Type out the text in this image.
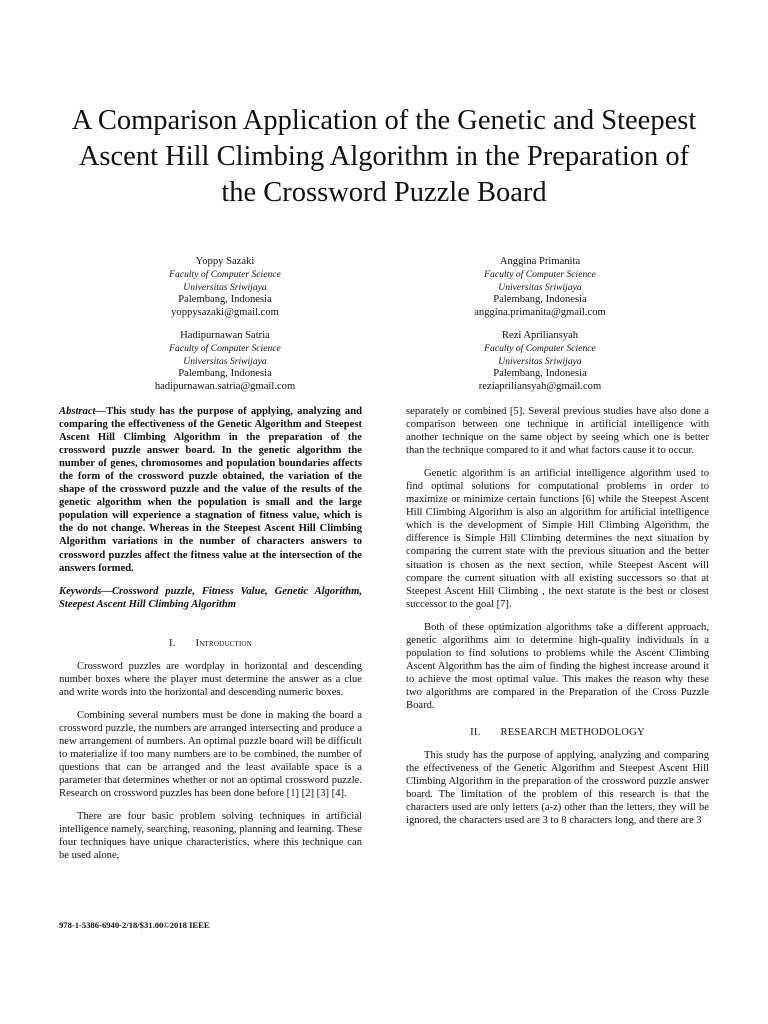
A Comparison Application of the Genetic and Steepest Ascent Hill Climbing Algorithm in the Preparation of the Crossword Puzzle Board
Yoppy Sazaki
Faculty of Computer Science
Universitas Sriwijaya
Palembang, Indonesia
yoppysazaki@gmail.com
Anggina Primanita
Faculty of Computer Science
Universitas Sriwijaya
Palembang, Indonesia
anggina.primanita@gmail.com
Hadipurnawan Satria
Faculty of Computer Science
Universitas Sriwijaya
Palembang, Indonesia
hadipurnawan.satria@gmail.com
Rezi Apriliansyah
Faculty of Computer Science
Universitas Sriwijaya
Palembang, Indonesia
reziapriliansyah@gmail.com

Abstract—This study has the purpose of applying, analyzing and comparing the effectiveness of the Genetic Algorithm and Steepest Ascent Hill Climbing Algorithm in the preparation of the crossword puzzle answer board. In the genetic algorithm the number of genes, chromosomes and population boundaries affects the form of the crossword puzzle obtained, the variation of the shape of the crossword puzzle and the value of the results of the genetic algorithm when the population is small and the large population will experience a stagnation of fitness value, which is the do not change. Whereas in the Steepest Ascent Hill Climbing Algorithm variations in the number of characters answers to crossword puzzles affect the fitness value at the intersection of the answers formed.

Keywords—Crossword puzzle, Fitness Value, Genetic Algorithm, Steepest Ascent Hill Climbing Algorithm

I. Introduction

Crossword puzzles are wordplay in horizontal and descending number boxes where the player must determine the answer as a clue and write words into the horizontal and descending numeric boxes.

Combining several numbers must be done in making the board a crossword puzzle, the numbers are arranged intersecting and produce a new arrangement of numbers. An optimal puzzle board will be difficult to materialize if too many numbers are to be combined, the number of questions that can be arranged and the least available space is a parameter that determines whether or not an optimal crossword puzzle. Research on crossword puzzles has been done before [1] [2] [3] [4].

There are four basic problem solving techniques in artificial intelligence namely, searching, reasoning, planning and learning. These four techniques have unique characteristics, where this technique can be used alone,

separately or combined [5]. Several previous studies have also done a comparison between one technique in artificial intelligence with another technique on the same object by seeing which one is better than the technique compared to it and what factors cause it to occur.

Genetic algorithm is an artificial intelligence algorithm used to find optimal solutions for computational problems in order to maximize or minimize certain functions [6] while the Steepest Ascent Hill Climbing Algorithm is also an algorithm for artificial intelligence which is the development of Simple Hill Climbing Algorithm, the difference is Simple Hill Climbing determines the next situation by comparing the current state with the previous situation and the better situation is chosen as the next section, while Steepest Ascent will compare the current situation with all existing successors so that at Steepest Ascent Hill Climbing , the next statute is the best or closest successor to the goal [7].

Both of these optimization algorithms take a different approach, genetic algorithms aim to determine high-quality individuals in a population to find solutions to problems while the Ascent Climbing Ascent Algorithm has the aim of finding the highest increase around it to achieve the most optimal value. This makes the reason why these two algorithms are compared in the Preparation of the Cross Puzzle Board.

II. RESEARCH METHODOLOGY

This study has the purpose of applying, analyzing and comparing the effectiveness of the Genetic Algorithm and Steepest Ascent Hill Climbing Algorithm in the preparation of the crossword puzzle answer board. The limitation of the problem of this research is that the characters used are only letters (a-z) other than the letters, they will be ignored, the characters used are 3 to 8 characters long, and there are 3

978-1-5386-6940-2/18/$31.00©2018 IEEE
